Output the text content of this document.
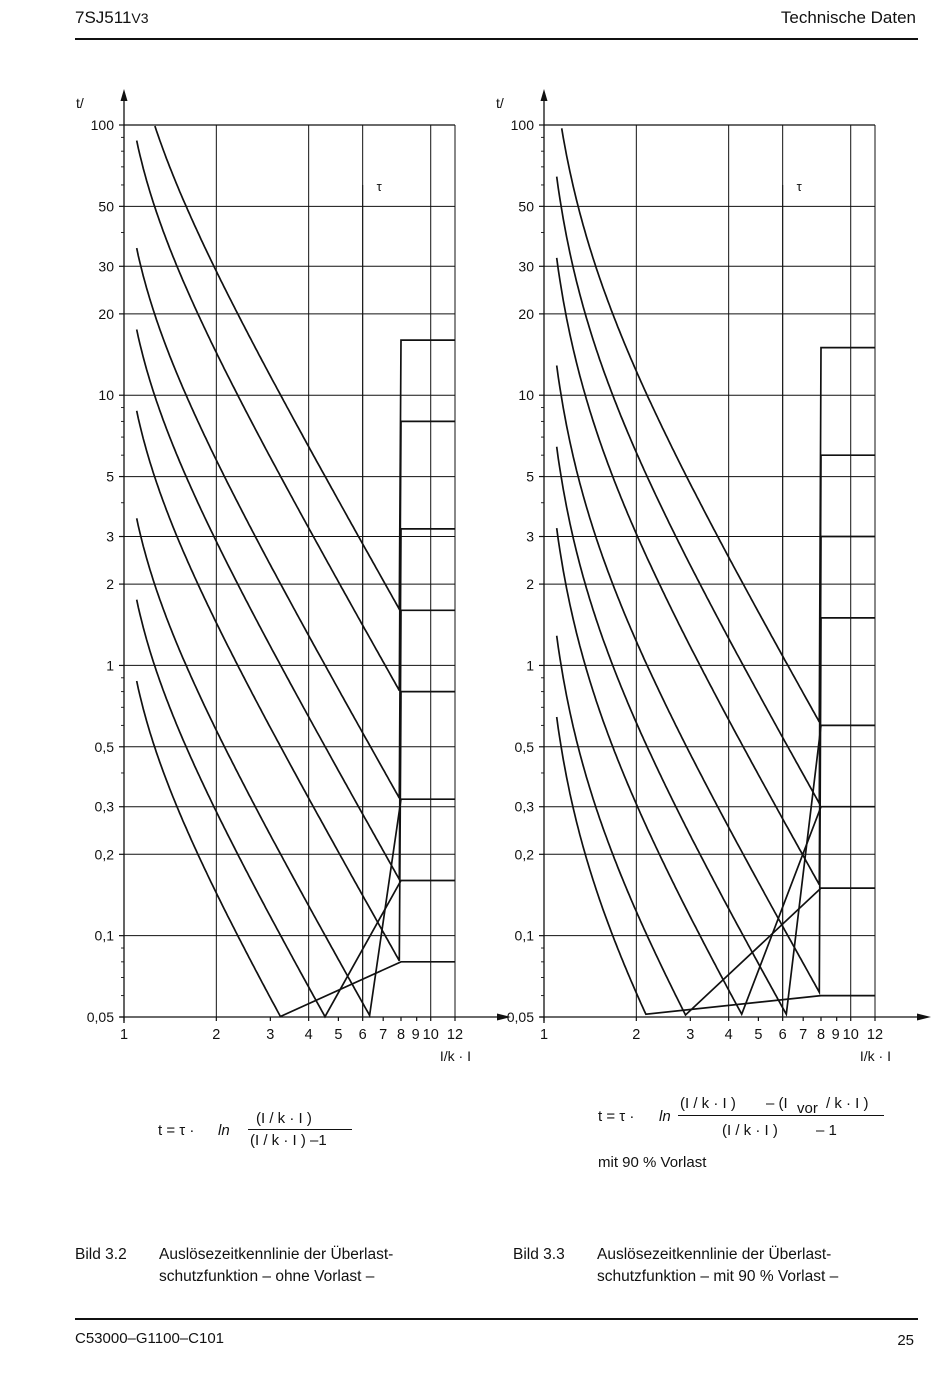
7SJ511V3	Technische Daten
τ
0,05
0,1
0,2
0,3
0,5
1
2
3
5
10
20
30
50
100
t/
1	2	3 4 5 6 7 8 9 10 12
I/k · I
τ
0,05
0,1
0,2
0,3
0,5
1
2
3
5
10
20
30
50
100
t/
1	2	3 4 5 6 7 8 9 10 12
I/k · I
t = τ · ln
(I / k · I )
(I / k · I ) –1
t = τ · ln
(I / k · I ) – (I vor / k · I )
(I / k · I )	– 1
mit 90 % Vorlast
Bild 3.2 Auslösezeitkennlinie der Überlast-
schutzfunktion – ohne Vorlast –
Bild 3.3 Auslösezeitkennlinie der Überlast-
schutzfunktion – mit 90 % Vorlast –
C53000–G1100–C101	25
